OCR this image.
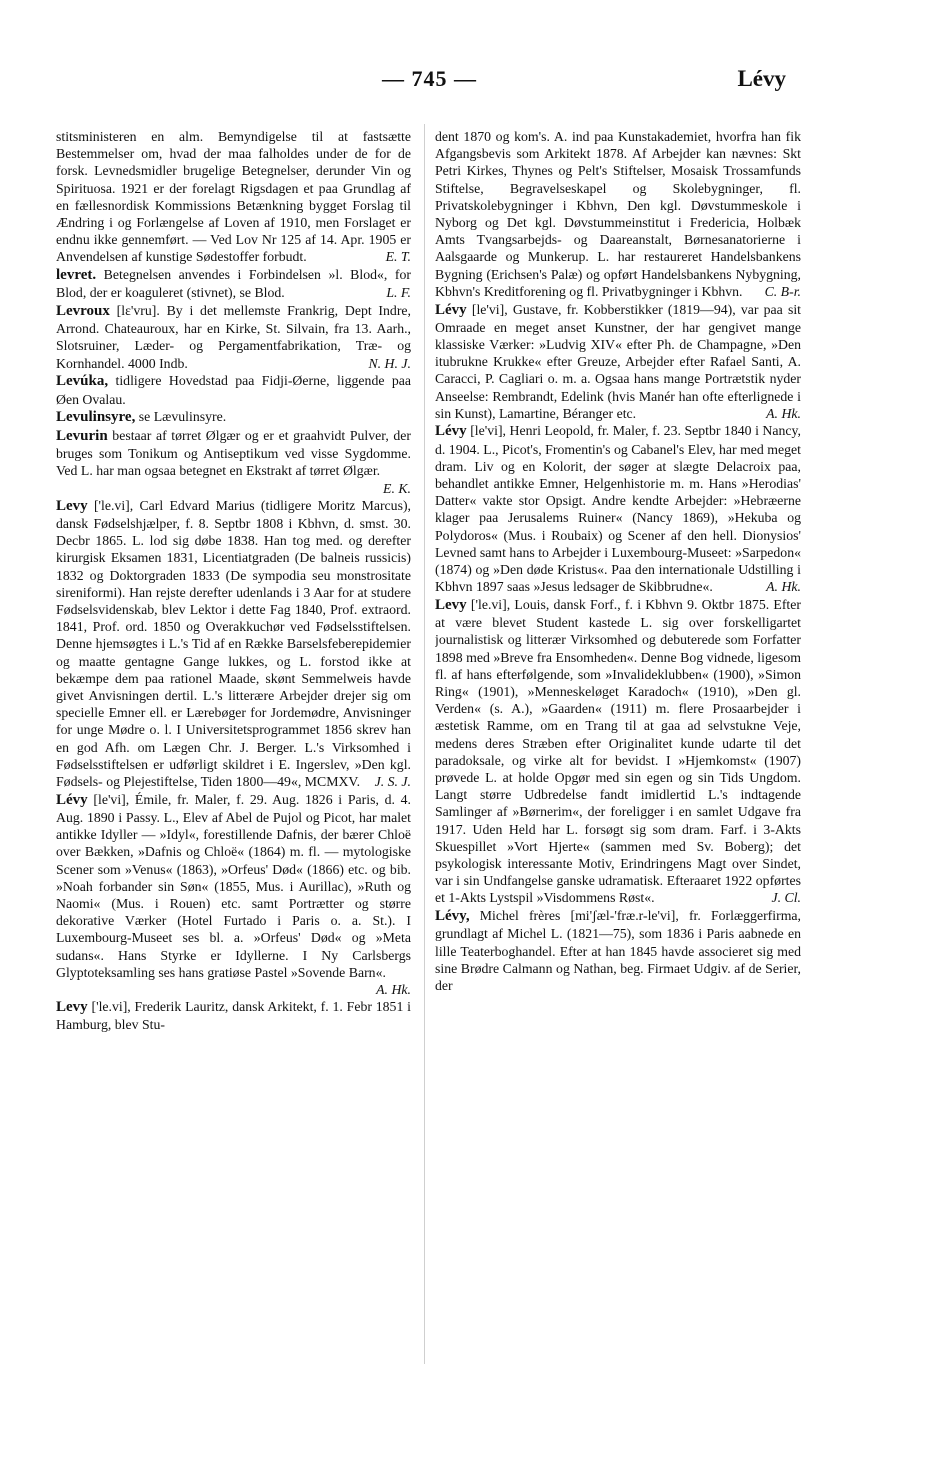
— 745 —	Lévy

stitsministeren en alm. Bemyndigelse til at fastsætte Bestemmelser om, hvad der maa falholdes under de for de forsk. Levnedsmidler brugelige Betegnelser, derunder Vin og Spirituosa. 1921 er der forelagt Rigsdagen et paa Grundlag af en fællesnordisk Kommissions Betænkning bygget Forslag til Ændring i og Forlængelse af Loven af 1910, men Forslaget er endnu ikke gennemført. — Ved Lov Nr 125 af 14. Apr. 1905 er Anvendelsen af kunstige Sødestoffer forbudt.	E. T.

levret. Betegnelsen anvendes i Forbindelsen »l. Blod«, for Blod, der er koaguleret (stivnet), se Blod.	L. F.

Levroux [lɛ'vru]. By i det mellemste Frankrig, Dept Indre, Arrond. Chateauroux, har en Kirke, St. Silvain, fra 13. Aarh., Slotsruiner, Læder- og Pergamentfabrikation, Træ- og Kornhandel. 4000 Indb.	N. H. J.

Levúka, tidligere Hovedstad paa Fidji-Øerne, liggende paa Øen Ovalau.

Levulinsyre, se Lævulinsyre.

Levurin bestaar af tørret Ølgær og er et graahvidt Pulver, der bruges som Tonikum og Antiseptikum ved visse Sygdomme. Ved L. har man ogsaa betegnet en Ekstrakt af tørret Ølgær.
E. K.

Levy ['le.vi], Carl Edvard Marius (tidligere Moritz Marcus), dansk Fødselshjælper, f. 8. Septbr 1808 i Kbhvn, d. smst. 30. Decbr 1865. L. lod sig døbe 1838. Han tog med. og derefter kirurgisk Eksamen 1831, Licentiatgraden (De balneis russicis) 1832 og Doktorgraden 1833 (De sympodia seu monstrositate sireniformi). Han rejste derefter udenlands i 3 Aar for at studere Fødselsvidenskab, blev Lektor i dette Fag 1840, Prof. extraord. 1841, Prof. ord. 1850 og Overakkuchør ved Fødselsstiftelsen. Denne hjemsøgtes i L.'s Tid af en Række Barselsfeberepidemier og maatte gentagne Gange lukkes, og L. forstod ikke at bekæmpe dem paa rationel Maade, skønt Semmelweis havde givet Anvisningen dertil. L.'s litterære Arbejder drejer sig om specielle Emner ell. er Lærebøger for Jordemødre, Anvisninger for unge Mødre o. l. I Universitetsprogrammet 1856 skrev han en god Afh. om Lægen Chr. J. Berger. L.'s Virksomhed i Fødselsstiftelsen er udførligt skildret i E. Ingerslev, »Den kgl. Fødsels- og Plejestiftelse, Tiden 1800—49«, MCMXV.	J. S. J.

Lévy [le'vi], Émile, fr. Maler, f. 29. Aug. 1826 i Paris, d. 4. Aug. 1890 i Passy. L., Elev af Abel de Pujol og Picot, har malet antikke Idyller — »Idyl«, forestillende Dafnis, der bærer Chloë over Bækken, »Dafnis og Chloë« (1864) m. fl. — mytologiske Scener som »Venus« (1863), »Orfeus' Død« (1866) etc. og bib. »Noah forbander sin Søn« (1855, Mus. i Aurillac), »Ruth og Naomi« (Mus. i Rouen) etc. samt Portrætter og større dekorative Værker (Hotel Furtado i Paris o. a. St.). I Luxembourg-Museet ses bl. a. »Orfeus' Død« og »Meta sudans«. Hans Styrke er Idyllerne. I Ny Carlsbergs Glyptoteksamling ses hans gratiøse Pastel »Sovende Barn«.
A. Hk.

Levy ['le.vi], Frederik Lauritz, dansk Arkitekt, f. 1. Febr 1851 i Hamburg, blev Stu-

dent 1870 og kom's. A. ind paa Kunstakademiet, hvorfra han fik Afgangsbevis som Arkitekt 1878. Af Arbejder kan nævnes: Skt Petri Kirkes, Thynes og Pelt's Stiftelser, Mosaisk Trossamfunds Stiftelse, Begravelseskapel og Skolebygninger, fl. Privatskolebygninger i Kbhvn, Den kgl. Døvstummeskole i Nyborg og Det kgl. Døvstummeinstitut i Fredericia, Holbæk Amts Tvangsarbejds- og Daareanstalt, Børnesanatorierne i Aalsgaarde og Munkerup. L. har restaureret Handelsbankens Bygning (Erichsen's Palæ) og opført Handelsbankens Nybygning, Kbhvn's Kreditforening og fl. Privatbygninger i Kbhvn.	C. B-r.

Lévy [le'vi], Gustave, fr. Kobberstikker (1819—94), var paa sit Omraade en meget anset Kunstner, der har gengivet mange klassiske Værker: »Ludvig XIV« efter Ph. de Champagne, »Den itubrukne Krukke« efter Greuze, Arbejder efter Rafael Santi, A. Caracci, P. Cagliari o. m. a. Ogsaa hans mange Portrætstik nyder Anseelse: Rembrandt, Edelink (hvis Manér han ofte efterlignede i sin Kunst), Lamartine, Béranger etc.	A. Hk.

Lévy [le'vi], Henri Leopold, fr. Maler, f. 23. Septbr 1840 i Nancy, d. 1904. L., Picot's, Fromentin's og Cabanel's Elev, har med meget dram. Liv og en Kolorit, der søger at slægte Delacroix paa, behandlet antikke Emner, Helgenhistorie m. m. Hans »Herodias' Datter« vakte stor Opsigt. Andre kendte Arbejder: »Hebræerne klager paa Jerusalems Ruiner« (Nancy 1869), »Hekuba og Polydoros« (Mus. i Roubaix) og Scener af den hell. Dionysios' Levned samt hans to Arbejder i Luxembourg-Museet: »Sarpedon« (1874) og »Den døde Kristus«. Paa den internationale Udstilling i Kbhvn 1897 saas »Jesus ledsager de Skibbrudne«.	A. Hk.

Levy ['le.vi], Louis, dansk Forf., f. i Kbhvn 9. Oktbr 1875. Efter at være blevet Student kastede L. sig over forskelligartet journalistisk og litterær Virksomhed og debuterede som Forfatter 1898 med »Breve fra Ensomheden«. Denne Bog vidnede, ligesom fl. af hans efterfølgende, som »Invalideklubben« (1900), »Simon Ring« (1901), »Menneskeløget Karadoch« (1910), »Den gl. Verden« (s. A.), »Gaarden« (1911) m. flere Prosaarbejder i æstetisk Ramme, om en Trang til at gaa ad selvstukne Veje, medens deres Stræben efter Originalitet kunde udarte til det paradoksale, og virke alt for bevidst. I »Hjemkomst« (1907) prøvede L. at holde Opgør med sin egen og sin Tids Ungdom. Langt større Udbredelse fandt imidlertid L.'s indtagende Samlinger af »Børnerim«, der foreligger i en samlet Udgave fra 1917. Uden Held har L. forsøgt sig som dram. Farf. i 3-Akts Skuespillet »Vort Hjerte« (sammen med Sv. Boberg); det psykologisk interessante Motiv, Erindringens Magt over Sindet, var i sin Undfangelse ganske udramatisk. Efteraaret 1922 opførtes et 1-Akts Lystspil »Visdommens Røst«.	J. Cl.

Lévy, Michel frères [mi'ʃæl-'fræ.r-le'vi], fr. Forlæggerfirma, grundlagt af Michel L. (1821—75), som 1836 i Paris aabnede en lille Teaterboghandel. Efter at han 1845 havde associeret sig med sine Brødre Calmann og Nathan, beg. Firmaet Udgiv. af de Serier, der
